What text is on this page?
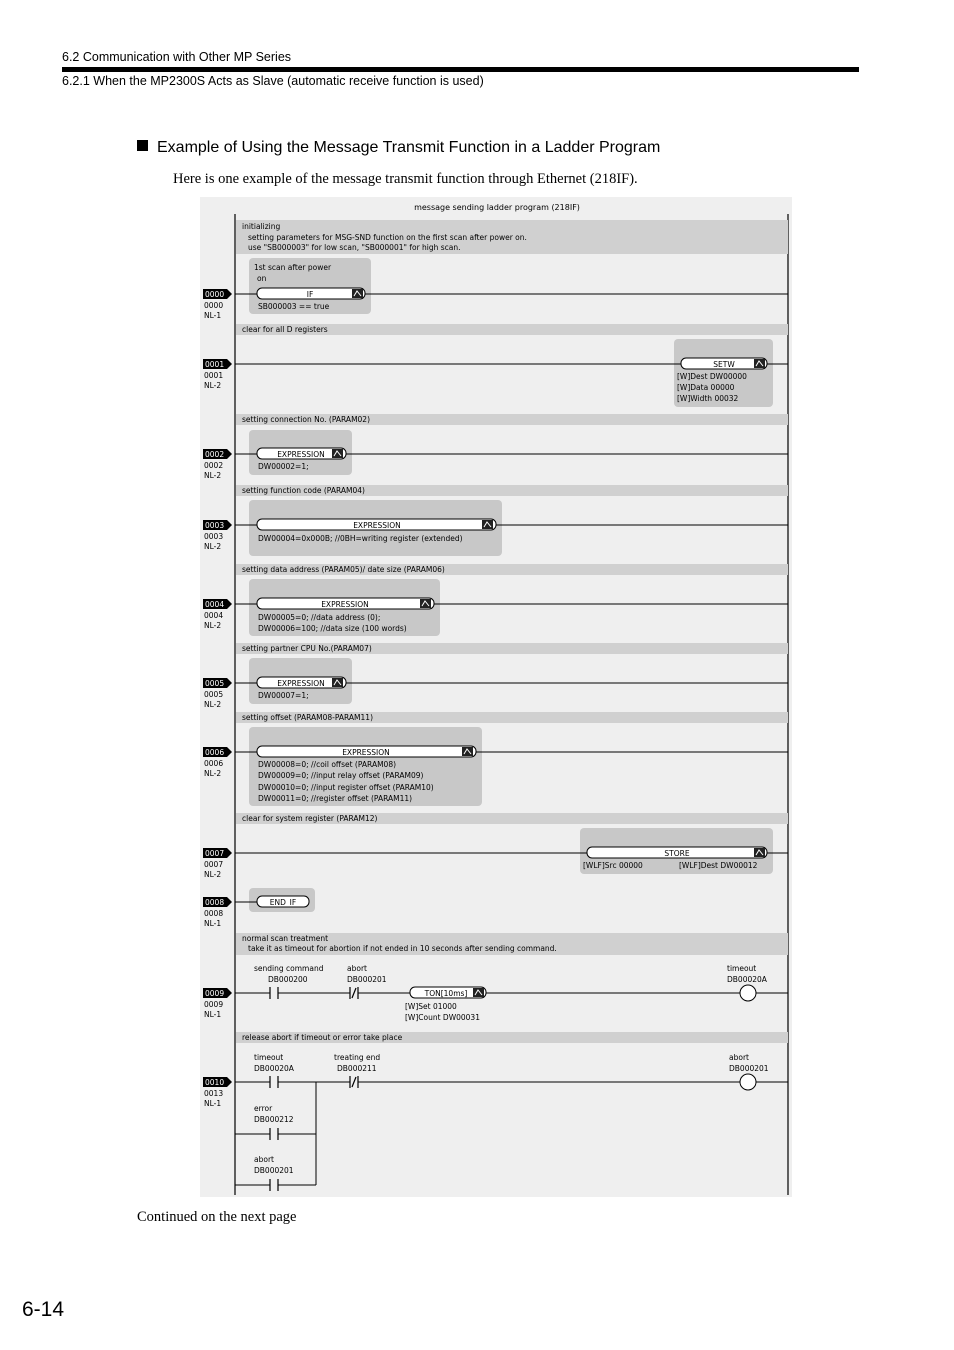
6.2 Communication with Other MP Series
6.2.1 When the MP2300S Acts as Slave (automatic receive function is used)
Example of Using the Message Transmit Function in a Ladder Program
Here is one example of the message transmit function through Ethernet (218IF).
message sending ladder program (218IF)
initializing
setting parameters for MSG-SND function on the first scan after power on.
use "SB000003" for low scan, "SB000001" for high scan.
clear for all D registers
setting connection No. (PARAM02)
setting function code (PARAM04)
setting data address (PARAM05)/ date size (PARAM06)
setting partner CPU No.(PARAM07)
setting offset (PARAM08-PARAM11)
clear for system register (PARAM12)
normal scan treatment
take it as timeout for abortion if not ended in 10 seconds after sending command.
release abort if timeout or error take place
0000
0000
NL-1
1st scan after power
on
IF
SB000003 == true
0001
0001
NL-2
SETW
[W]Dest DW00000
[W]Data 00000
[W]Width 00032
0002
0002
NL-2
EXPRESSION
DW00002=1;
0003
0003
NL-2
EXPRESSION
DW00004=0x000B; //0BH=writing register (extended)
0004
0004
NL-2
EXPRESSION
DW00005=0; //data address (0);
DW00006=100; //data size (100 words)
0005
0005
NL-2
EXPRESSION
DW00007=1;
0006
0006
NL-2
EXPRESSION
DW00008=0; //coil offset (PARAM08)
DW00009=0; //input relay offset (PARAM09)
DW00010=0; //input register offset (PARAM10)
DW00011=0; //register offset (PARAM11)
0007
0007
NL-2
STORE
[WLF]Src 00000	[WLF]Dest DW00012
0008
0008
NL-1
END_IF
0009
0009
NL-1
sending command
DB000200
abort
DB000201
timeout
DB00020A
TON[10ms]
[W]Set 01000
[W]Count DW00031
0010
0013
NL-1
timeout
DB00020A
treating end
DB000211
abort
DB000201
error
DB000212
abort
DB000201
Continued on the next page
6-14
